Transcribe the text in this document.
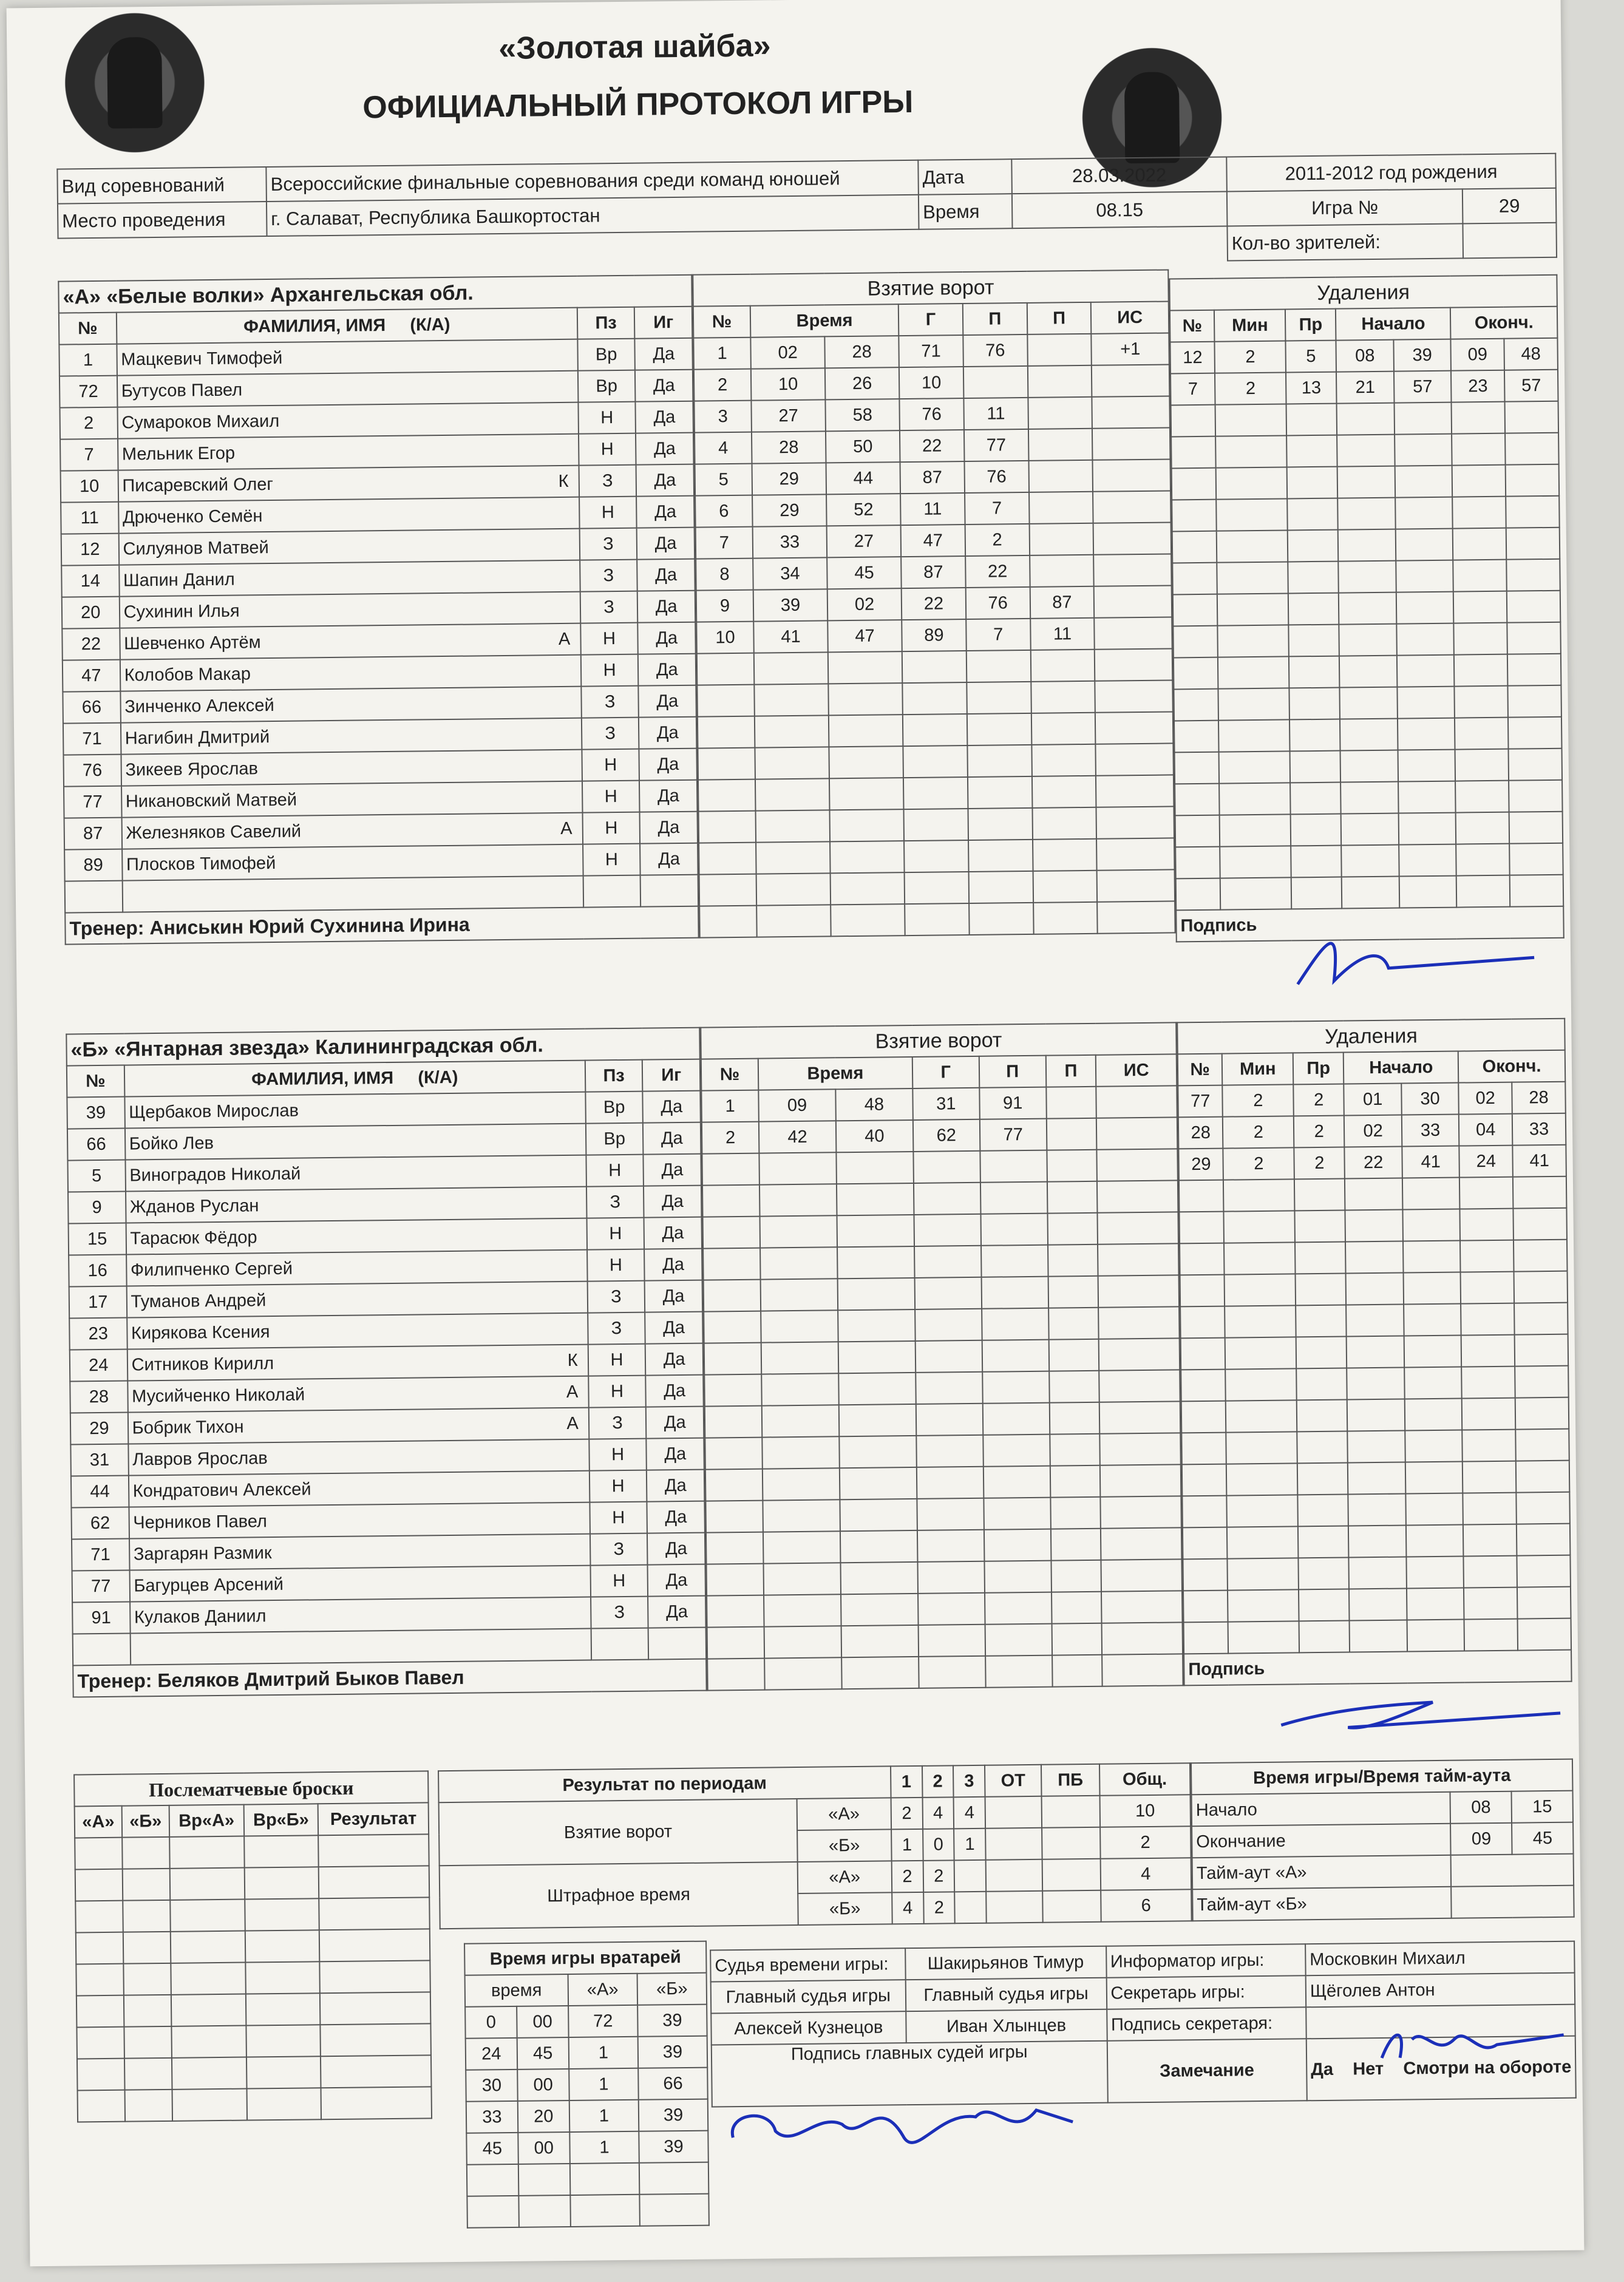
«Золотая шайба»
ОФИЦИАЛЬНЫЙ ПРОТОКОЛ ИГРЫ
Вид соревнований	Всероссийские финальные соревнования среди команд юношей	Дата	28.03.2022	2011-2012 год рождения	
Место проведения	г. Салават, Республика Башкортостан	Время	08.15	Игра №	29
				Кол-во зрителей:	
«А» «Белые волки» Архангельская обл.			
№	ФАМИЛИЯ, ИМЯ (К/А)	Пз	Иг
1	Мацкевич Тимофей	Вр	Да
72	Бутусов Павел	Вр	Да
2	Сумароков Михаил	Н	Да
7	Мельник Егор	Н	Да
10	Писаревский Олег К	З	Да
11	Дрюченко Семён	Н	Да
12	Силуянов Матвей	З	Да
14	Шапин Данил	З	Да
20	Сухинин Илья	З	Да
22	Шевченко Артём А	Н	Да
47	Колобов Макар	Н	Да
66	Зинченко Алексей	З	Да
71	Нагибин Дмитрий	З	Да
76	Зикеев Ярослав	Н	Да
77	Никановский Матвей	Н	Да
87	Железняков Савелий А	Н	Да
89	Плосков Тимофей	Н	Да

Тренер: Аниськин Юрий Сухинина Ирина			
Взятие ворот						
№	Время		Г	П	П	ИС
1	02	28	71	76		+1
2	10	26	10			
3	27	58	76	11		
4	28	50	22	77		
5	29	44	87	76		
6	29	52	11	7		
7	33	27	47	2		
8	34	45	87	22		
9	39	02	22	76	87	
10	41	47	89	7	11	

Удаления						
№	Мин	Пр	Начало		Оконч.	
12	2	5	08	39	09	48
7	2	13	21	57	23	57

Подпись						
«Б» «Янтарная звезда» Калининградская обл.			
№	ФАМИЛИЯ, ИМЯ (К/А)	Пз	Иг
39	Щербаков Мирослав	Вр	Да
66	Бойко Лев	Вр	Да
5	Виноградов Николай	Н	Да
9	Жданов Руслан	З	Да
15	Тарасюк Фёдор	Н	Да
16	Филипченко Сергей	Н	Да
17	Туманов Андрей	З	Да
23	Кирякова Ксения	З	Да
24	Ситников Кирилл К	Н	Да
28	Мусийченко Николай А	Н	Да
29	Бобрик Тихон А	З	Да
31	Лавров Ярослав	Н	Да
44	Кондратович Алексей	Н	Да
62	Черников Павел	Н	Да
71	Заргарян Размик	З	Да
77	Багурцев Арсений	Н	Да
91	Кулаков Даниил	З	Да

Тренер: Беляков Дмитрий Быков Павел			
Взятие ворот						
№	Время		Г	П	П	ИС
1	09	48	31	91		
2	42	40	62	77		

Удаления						
№	Мин	Пр	Начало		Оконч.	
77	2	2	01	30	02	28
28	2	2	02	33	04	33
29	2	2	22	41	24	41

Подпись						
Послематчевые броски				
«А»	«Б»	Вр«А»	Вр«Б»	Результат

Результат по периодам		1	2	3	ОТ	ПБ	Общ.
Взятие ворот	«А»	2	4	4			10
	«Б»	1	0	1			2
Штрафное время	«А»	2	2				4
	«Б»	4	2				6
Время игры/Время тайм-аута		
Начало	08	15
Окончание	09	45
Тайм-аут «А»		
Тайм-аут «Б»		
Время игры вратарей			
время		«А»	«Б»
0	00	72	39
24	45	1	39
30	00	1	66
33	20	1	39
45	00	1	39

Судья времени игры:	Шакирьянов Тимур	Информатор игры:	Московкин Михаил
Главный судья игры	Главный судья игры	Секретарь игры:	Щёголев Антон
Алексей Кузнецов	Иван Хлынцев	Подпись секретаря:	
Подпись главных судей игры		Замечание	Да Нет Смотри на обороте
